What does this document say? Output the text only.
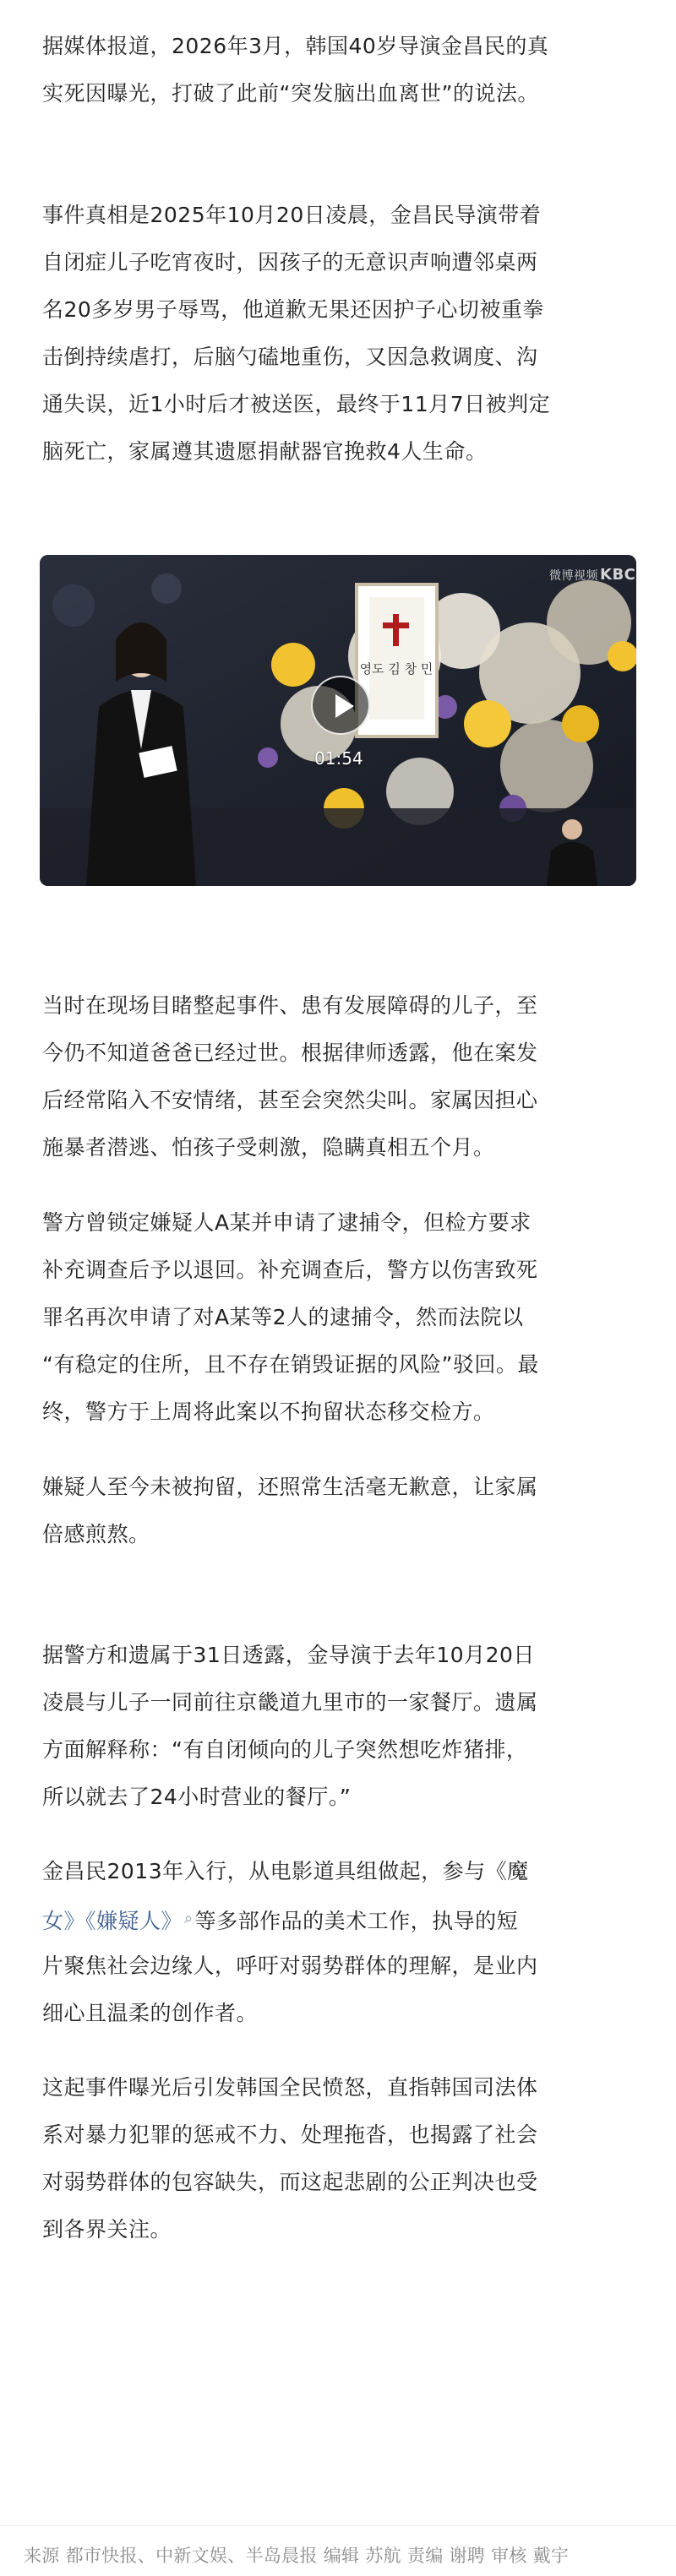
据媒体报道，2026年3月，韩国40岁导演金昌民的真
实死因曝光，打破了此前“突发脑出血离世”的说法。

事件真相是2025年10月20日凌晨，金昌民导演带着
自闭症儿子吃宵夜时，因孩子的无意识声响遭邻桌两
名20多岁男子辱骂，他道歉无果还因护子心切被重拳
击倒持续虐打，后脑勺磕地重伤，又因急救调度、沟
通失误，近1小时后才被送医，最终于11月7日被判定
脑死亡，家属遵其遗愿捐献器官挽救4人生命。

영도 김 창 민
01:54
微博视频 KBC

当时在现场目睹整起事件、患有发展障碍的儿子，至
今仍不知道爸爸已经过世。根据律师透露，他在案发
后经常陷入不安情绪，甚至会突然尖叫。家属因担心
施暴者潜逃、怕孩子受刺激，隐瞒真相五个月。

警方曾锁定嫌疑人A某并申请了逮捕令，但检方要求
补充调查后予以退回。补充调查后，警方以伤害致死
罪名再次申请了对A某等2人的逮捕令，然而法院以
“有稳定的住所，且不存在销毁证据的风险”驳回。最
终，警方于上周将此案以不拘留状态移交检方。

嫌疑人至今未被拘留，还照常生活毫无歉意，让家属
倍感煎熬。

据警方和遗属于31日透露，金导演于去年10月20日
凌晨与儿子一同前往京畿道九里市的一家餐厅。遗属
方面解释称：“有自闭倾向的儿子突然想吃炸猪排，
所以就去了24小时营业的餐厅。”

金昌民2013年入行，从电影道具组做起，参与《魔
女》《嫌疑人》 ⌕等多部作品的美术工作，执导的短
片聚焦社会边缘人，呼吁对弱势群体的理解，是业内
细心且温柔的创作者。

这起事件曝光后引发韩国全民愤怒，直指韩国司法体
系对暴力犯罪的惩戒不力、处理拖沓，也揭露了社会
对弱势群体的包容缺失，而这起悲剧的公正判决也受
到各界关注。

来源 都市快报、中新文娱、半岛晨报 编辑 苏航 责编 谢聘 审核 戴宇
